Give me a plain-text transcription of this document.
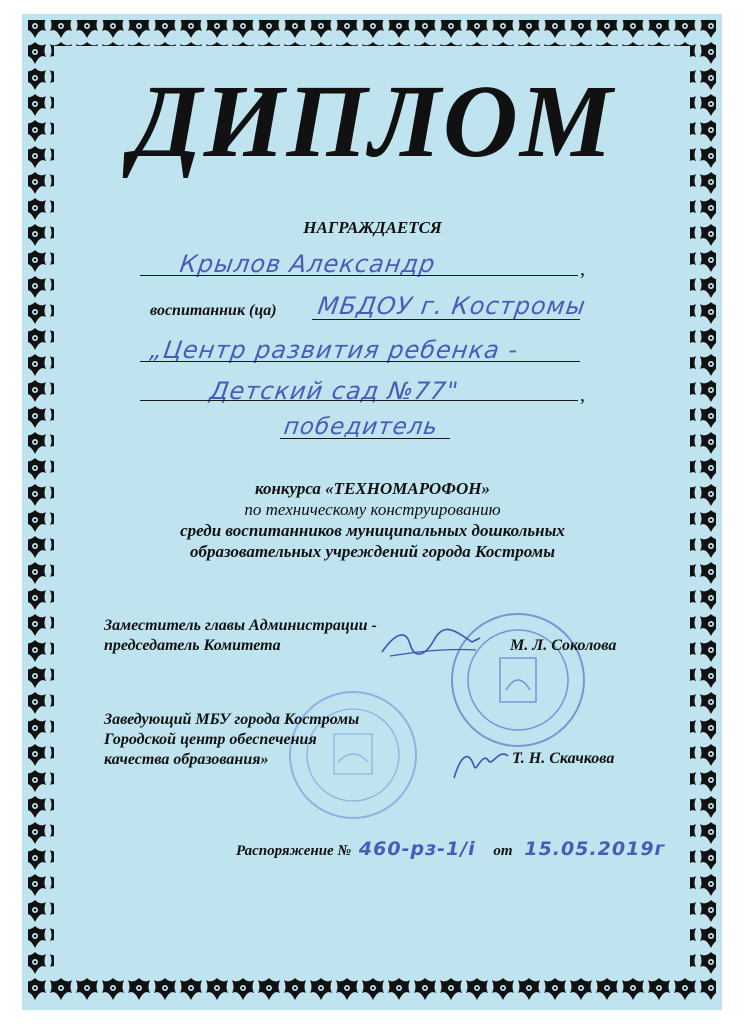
ДИПЛОМ
НАГРАЖДАЕТСЯ
Крылов Александр	,
воспитанник (ца) МБДОУ г. Костромы
„Центр развития ребенка -
Детский сад №77"	,
победитель
конкурса «ТЕХНОМАРОФОН»
по техническому конструированию
среди воспитанников муниципальных дошкольных
образовательных учреждений города Костромы
Заместитель главы Администрации -
председатель Комитета	М. Л. Соколова
Заведующий МБУ города Костромы
Городской центр обеспечения
качества образования»	Т. Н. Скачкова
Распоряжение № 460-рз-1/і от 15.05.2019г
